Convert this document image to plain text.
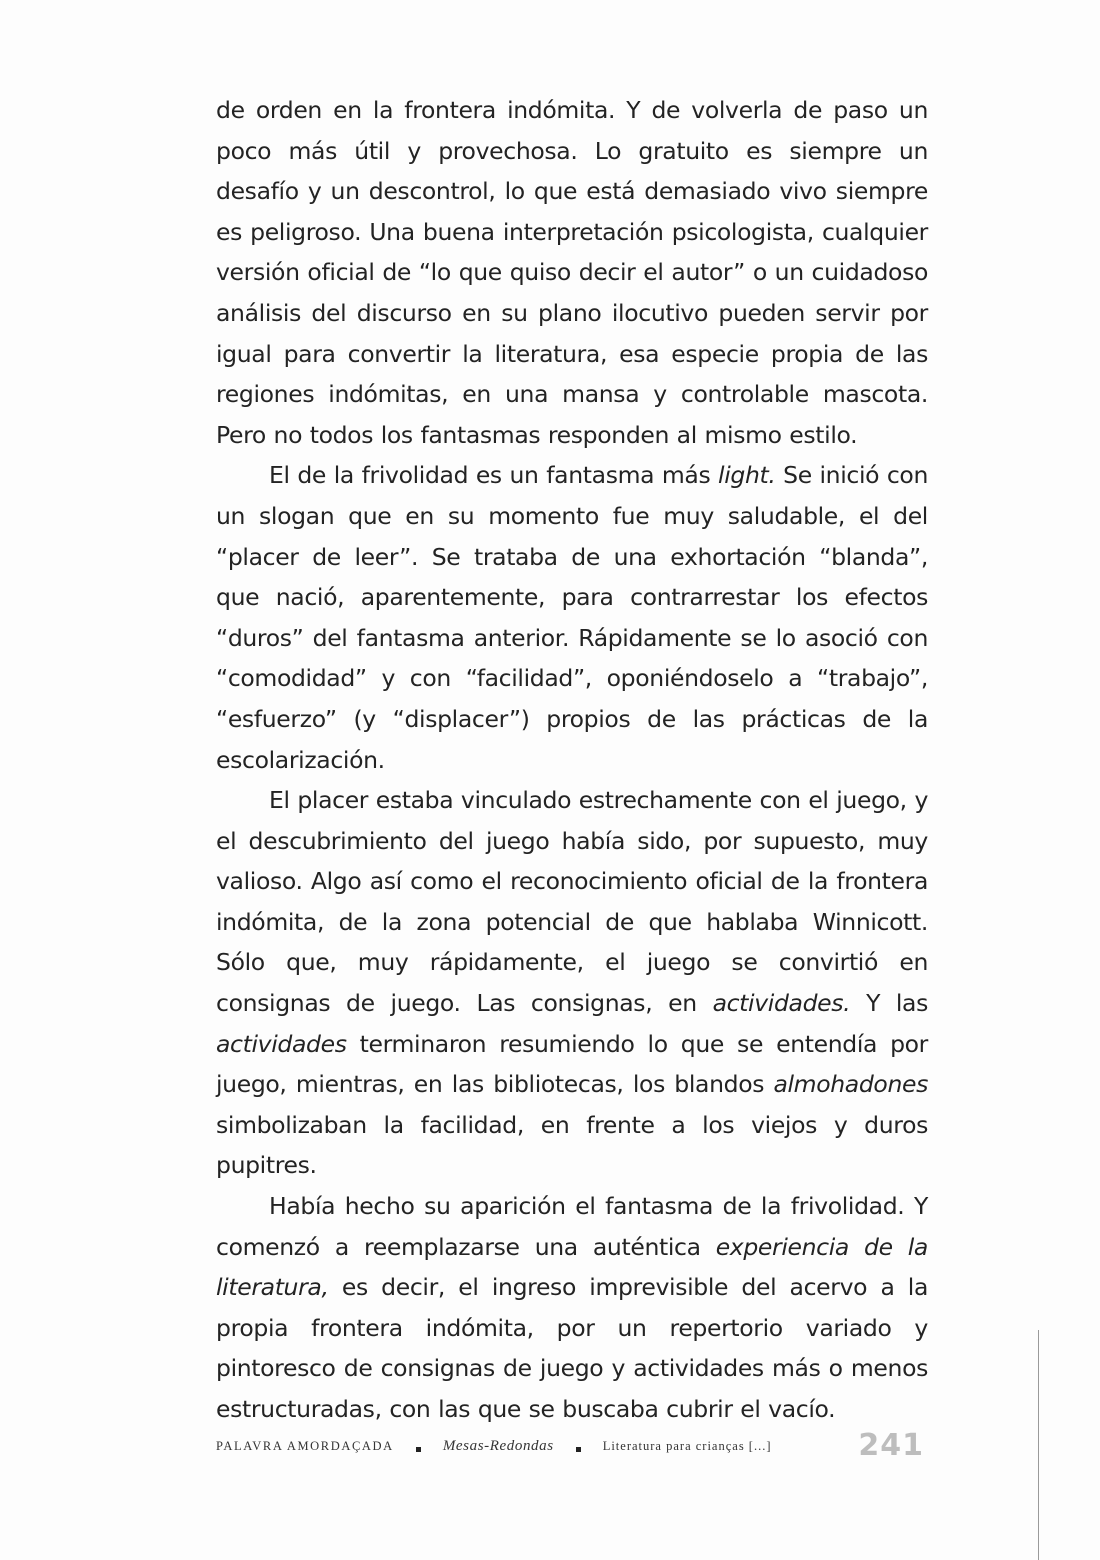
de orden en la frontera indómita. Y de volverla de paso un poco más útil y provechosa. Lo gratuito es siempre un desafío y un descontrol, lo que está demasiado vivo siempre es peligroso. Una buena interpretación psicologista, cualquier versión oficial de “lo que quiso decir el autor” o un cuidadoso análisis del discurso en su plano ilocutivo pueden servir por igual para convertir la literatura, esa especie propia de las regiones indómitas, en una mansa y controlable mascota. Pero no todos los fantasmas responden al mismo estilo.

El de la frivolidad es un fantasma más light. Se inició con un slogan que en su momento fue muy saludable, el del “placer de leer”. Se trataba de una exhortación “blanda”, que nació, aparentemente, para contrarrestar los efectos “duros” del fantasma anterior. Rápidamente se lo asoció con “comodidad” y con “facilidad”, oponiéndoselo a “trabajo”, “esfuerzo” (y “displacer”) propios de las prácticas de la escolarización.

El placer estaba vinculado estrechamente con el juego, y el descubrimiento del juego había sido, por supuesto, muy valioso. Algo así como el reconocimiento oficial de la frontera indómita, de la zona potencial de que hablaba Winnicott. Sólo que, muy rápidamente, el juego se convirtió en consignas de juego. Las consignas, en actividades. Y las actividades terminaron resumiendo lo que se entendía por juego, mientras, en las bibliotecas, los blandos almohadones simbolizaban la facilidad, en frente a los viejos y duros pupitres.

Había hecho su aparición el fantasma de la frivolidad. Y comenzó a reemplazarse una auténtica experiencia de la literatura, es decir, el ingreso imprevisible del acervo a la propia frontera indómita, por un repertorio variado y pintoresco de consignas de juego y actividades más o menos estructuradas, con las que se buscaba cubrir el vacío.

PALAVRA AMORDAÇADA	Mesas-Redondas	Literatura para crianças [...]	241
